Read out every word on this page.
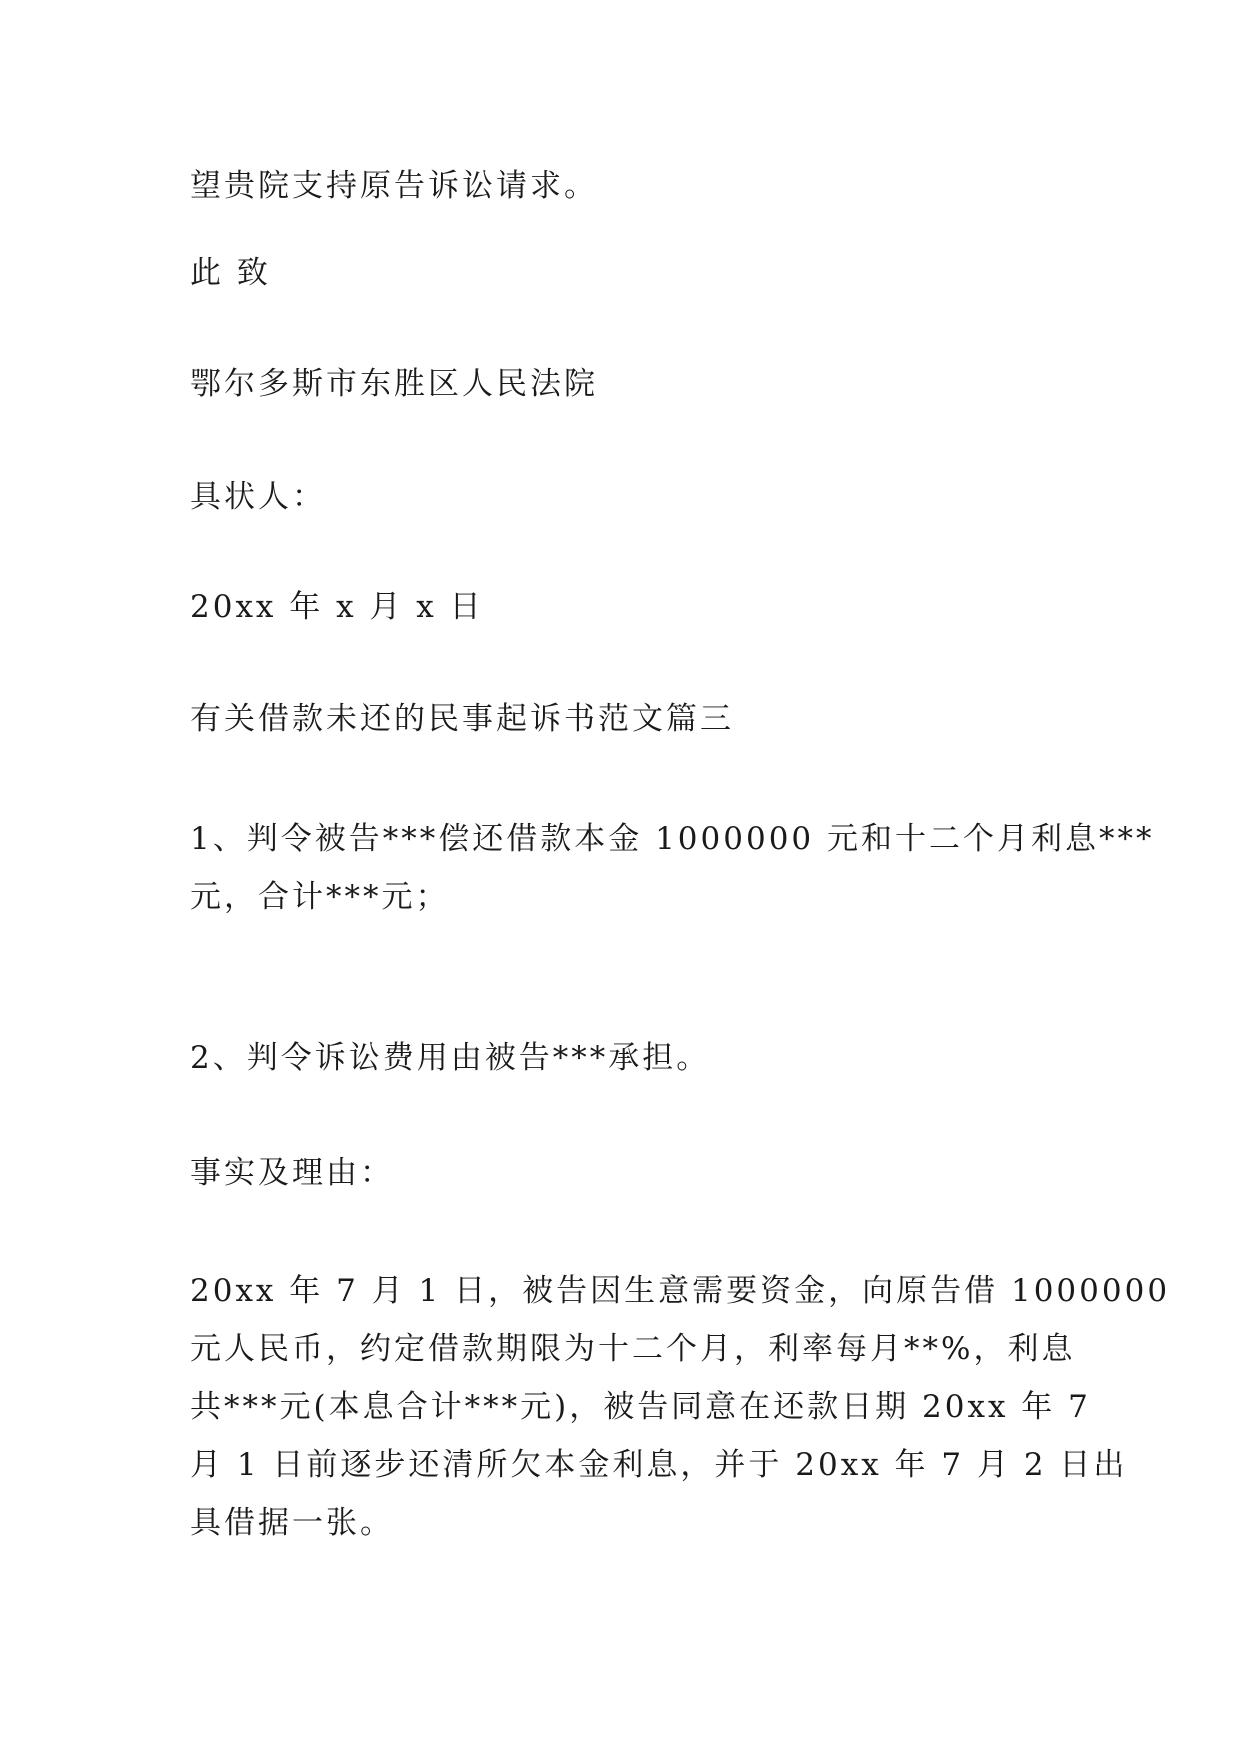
望贵院支持原告诉讼请求。

此 致

鄂尔多斯市东胜区人民法院

具状人：

20xx 年 x 月 x 日

有关借款未还的民事起诉书范文篇三

1、判令被告***偿还借款本金 1000000 元和十二个月利息***
元，合计***元；

2、判令诉讼费用由被告***承担。

事实及理由：

20xx 年 7 月 1 日，被告因生意需要资金，向原告借 1000000
元人民币，约定借款期限为十二个月，利率每月**%，利息
共***元(本息合计***元)，被告同意在还款日期 20xx 年 7
月 1 日前逐步还清所欠本金利息，并于 20xx 年 7 月 2 日出
具借据一张。
